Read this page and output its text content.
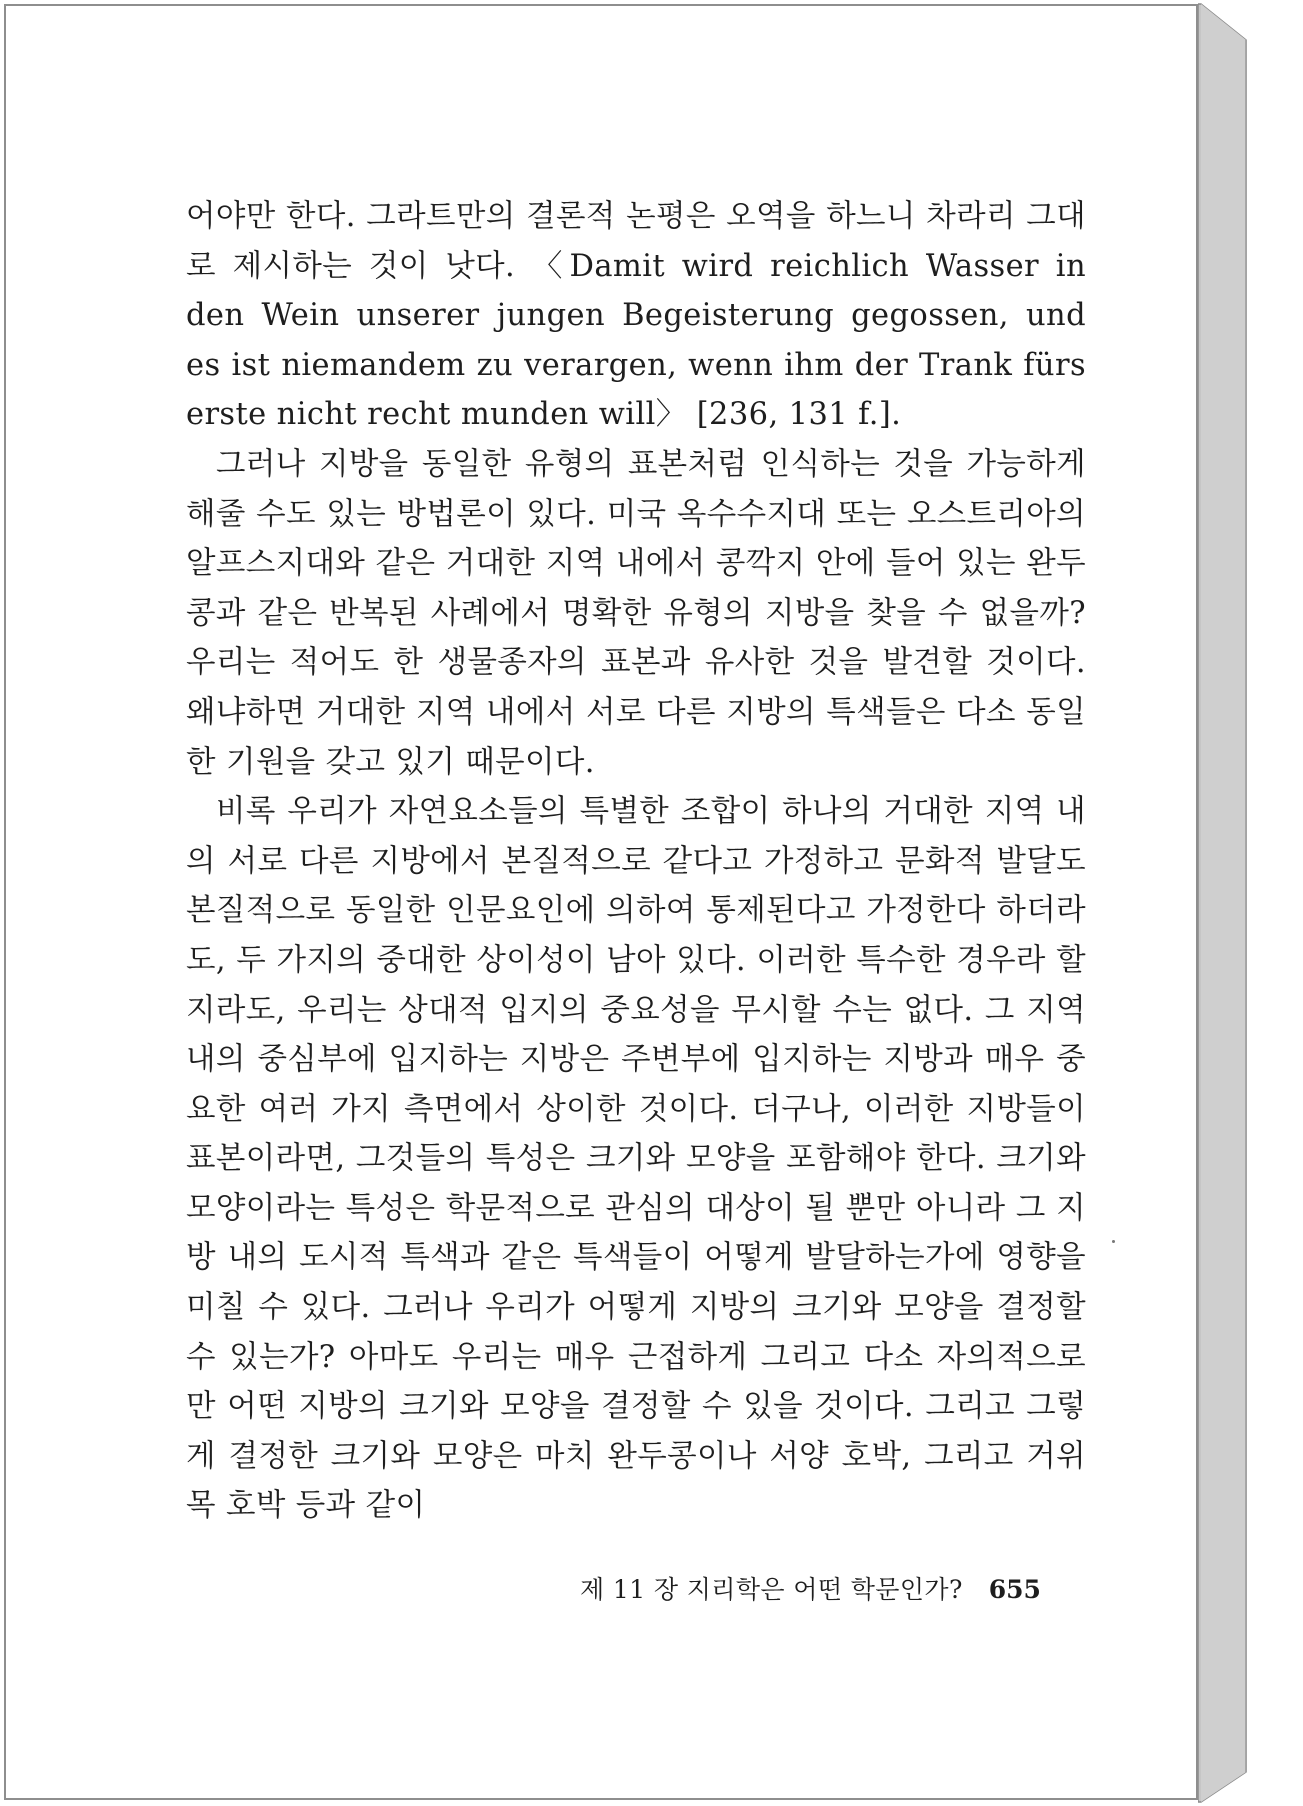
어야만 한다. 그라트만의 결론적 논평은 오역을 하느니 차라리 그대로 제시하는 것이 낫다. 〈Damit wird reichlich Wasser in den Wein unserer jungen Begeisterung gegossen, und es ist niemandem zu verargen, wenn ihm der Trank fürs erste nicht recht munden will〉 [236, 131 f.].

그러나 지방을 동일한 유형의 표본처럼 인식하는 것을 가능하게 해줄 수도 있는 방법론이 있다. 미국 옥수수지대 또는 오스트리아의 알프스지대와 같은 거대한 지역 내에서 콩깍지 안에 들어 있는 완두콩과 같은 반복된 사례에서 명확한 유형의 지방을 찾을 수 없을까? 우리는 적어도 한 생물종자의 표본과 유사한 것을 발견할 것이다. 왜냐하면 거대한 지역 내에서 서로 다른 지방의 특색들은 다소 동일한 기원을 갖고 있기 때문이다.

비록 우리가 자연요소들의 특별한 조합이 하나의 거대한 지역 내의 서로 다른 지방에서 본질적으로 같다고 가정하고 문화적 발달도 본질적으로 동일한 인문요인에 의하여 통제된다고 가정한다 하더라도, 두 가지의 중대한 상이성이 남아 있다. 이러한 특수한 경우라 할지라도, 우리는 상대적 입지의 중요성을 무시할 수는 없다. 그 지역 내의 중심부에 입지하는 지방은 주변부에 입지하는 지방과 매우 중요한 여러 가지 측면에서 상이한 것이다. 더구나, 이러한 지방들이 표본이라면, 그것들의 특성은 크기와 모양을 포함해야 한다. 크기와 모양이라는 특성은 학문적으로 관심의 대상이 될 뿐만 아니라 그 지방 내의 도시적 특색과 같은 특색들이 어떻게 발달하는가에 영향을 미칠 수 있다. 그러나 우리가 어떻게 지방의 크기와 모양을 결정할 수 있는가? 아마도 우리는 매우 근접하게 그리고 다소 자의적으로만 어떤 지방의 크기와 모양을 결정할 수 있을 것이다. 그리고 그렇게 결정한 크기와 모양은 마치 완두콩이나 서양 호박, 그리고 거위목 호박 등과 같이

제 11 장 지리학은 어떤 학문인가? 655
